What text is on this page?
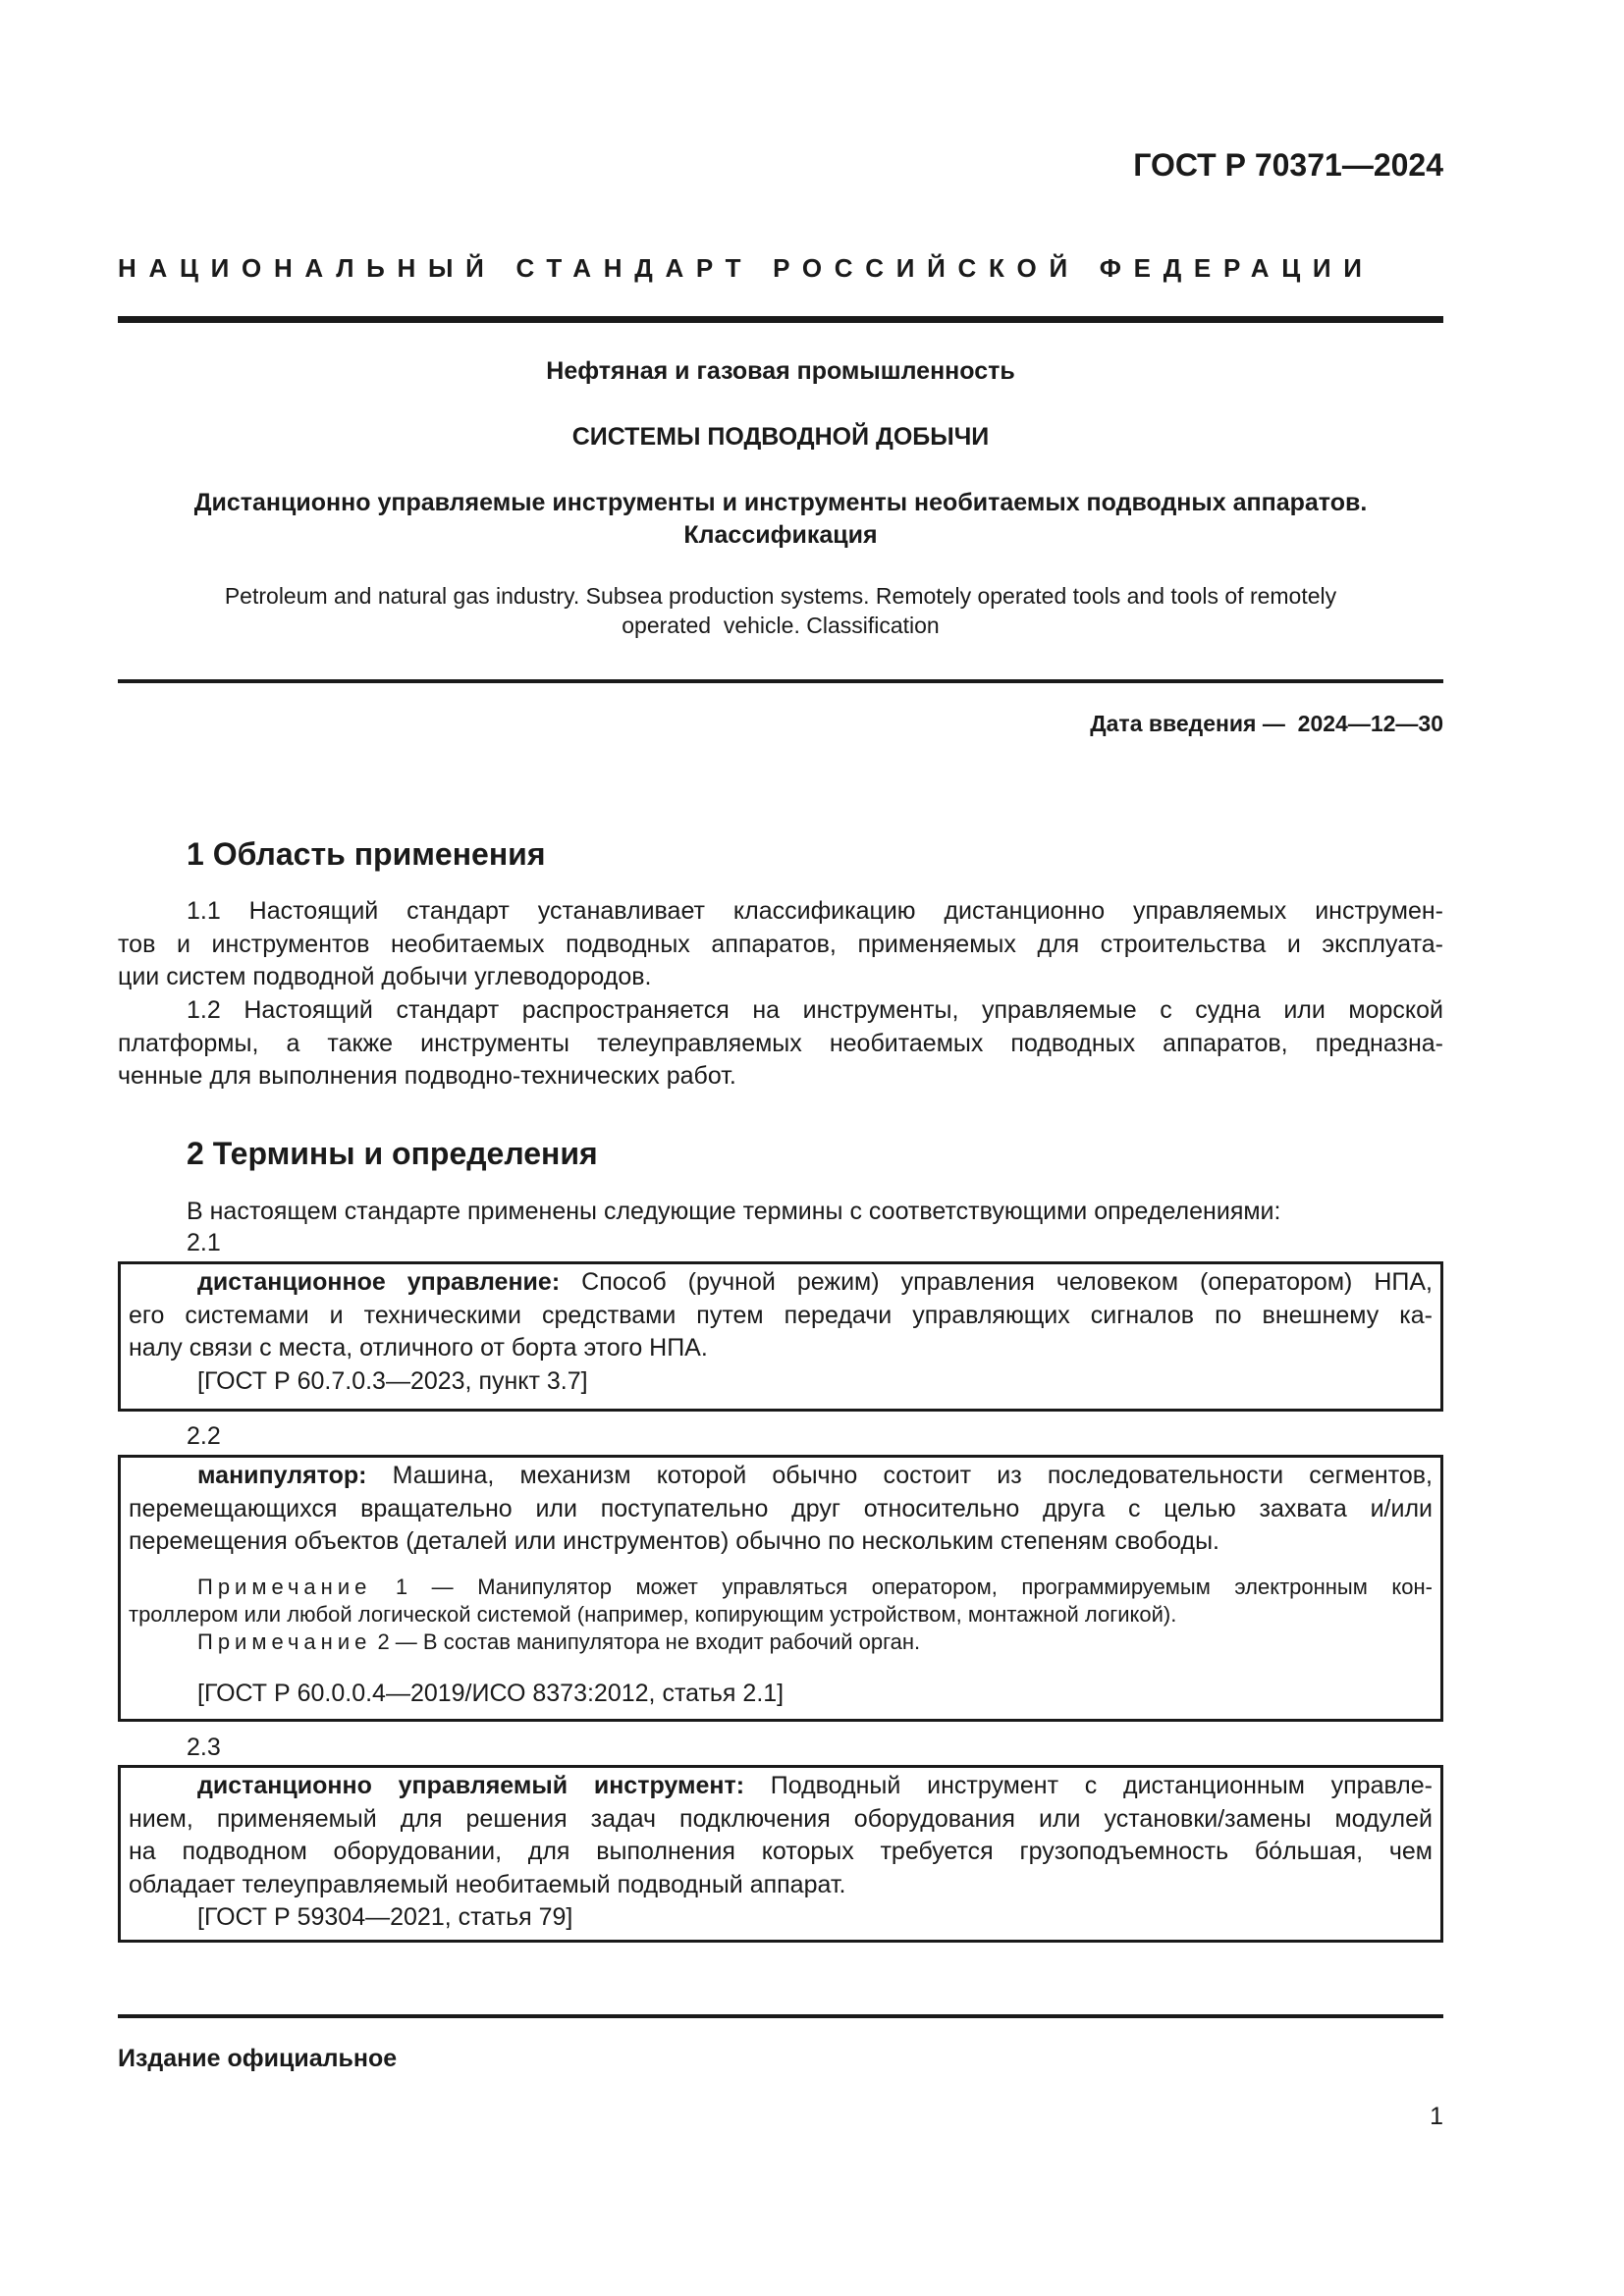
ГОСТ Р 70371—2024
НАЦИОНАЛЬНЫЙ СТАНДАРТ РОССИЙСКОЙ ФЕДЕРАЦИИ
Нефтяная и газовая промышленность
СИСТЕМЫ ПОДВОДНОЙ ДОБЫЧИ
Дистанционно управляемые инструменты и инструменты необитаемых подводных аппаратов.
Классификация
Petroleum and natural gas industry. Subsea production systems. Remotely operated tools and tools of remotely
operated  vehicle. Classification
Дата введения — 2024—12—30
1 Область применения
1.1 Настоящий стандарт устанавливает классификацию дистанционно управляемых инструмен-
тов и инструментов необитаемых подводных аппаратов, применяемых для строительства и эксплуата-
ции систем подводной добычи углеводородов.
1.2 Настоящий стандарт распространяется на инструменты, управляемые с судна или морской
платформы, а также инструменты телеуправляемых необитаемых подводных аппаратов, предназна-
ченные для выполнения подводно-технических работ.
2 Термины и определения
В настоящем стандарте применены следующие термины с соответствующими определениями:
2.1
дистанционное управление: Способ (ручной режим) управления человеком (оператором) НПА,
его системами и техническими средствами путем передачи управляющих сигналов по внешнему ка-
налу связи с места, отличного от борта этого НПА.
[ГОСТ Р 60.7.0.3—2023, пункт 3.7]
2.2
манипулятор: Машина, механизм которой обычно состоит из последовательности сегментов,
перемещающихся вращательно или поступательно друг относительно друга с целью захвата и/или
перемещения объектов (деталей или инструментов) обычно по нескольким степеням свободы.
Примечание 1 — Манипулятор может управляться оператором, программируемым электронным кон-
троллером или любой логической системой (например, копирующим устройством, монтажной логикой).
Примечание 2 — В состав манипулятора не входит рабочий орган.
[ГОСТ Р 60.0.0.4—2019/ИСО 8373:2012, статья 2.1]
2.3
дистанционно управляемый инструмент: Подводный инструмент с дистанционным управле-
нием, применяемый для решения задач подключения оборудования или установки/замены модулей
на подводном оборудовании, для выполнения которых требуется грузоподъемность бо́льшая, чем
обладает телеуправляемый необитаемый подводный аппарат.
[ГОСТ Р 59304—2021, статья 79]
Издание официальное
1
